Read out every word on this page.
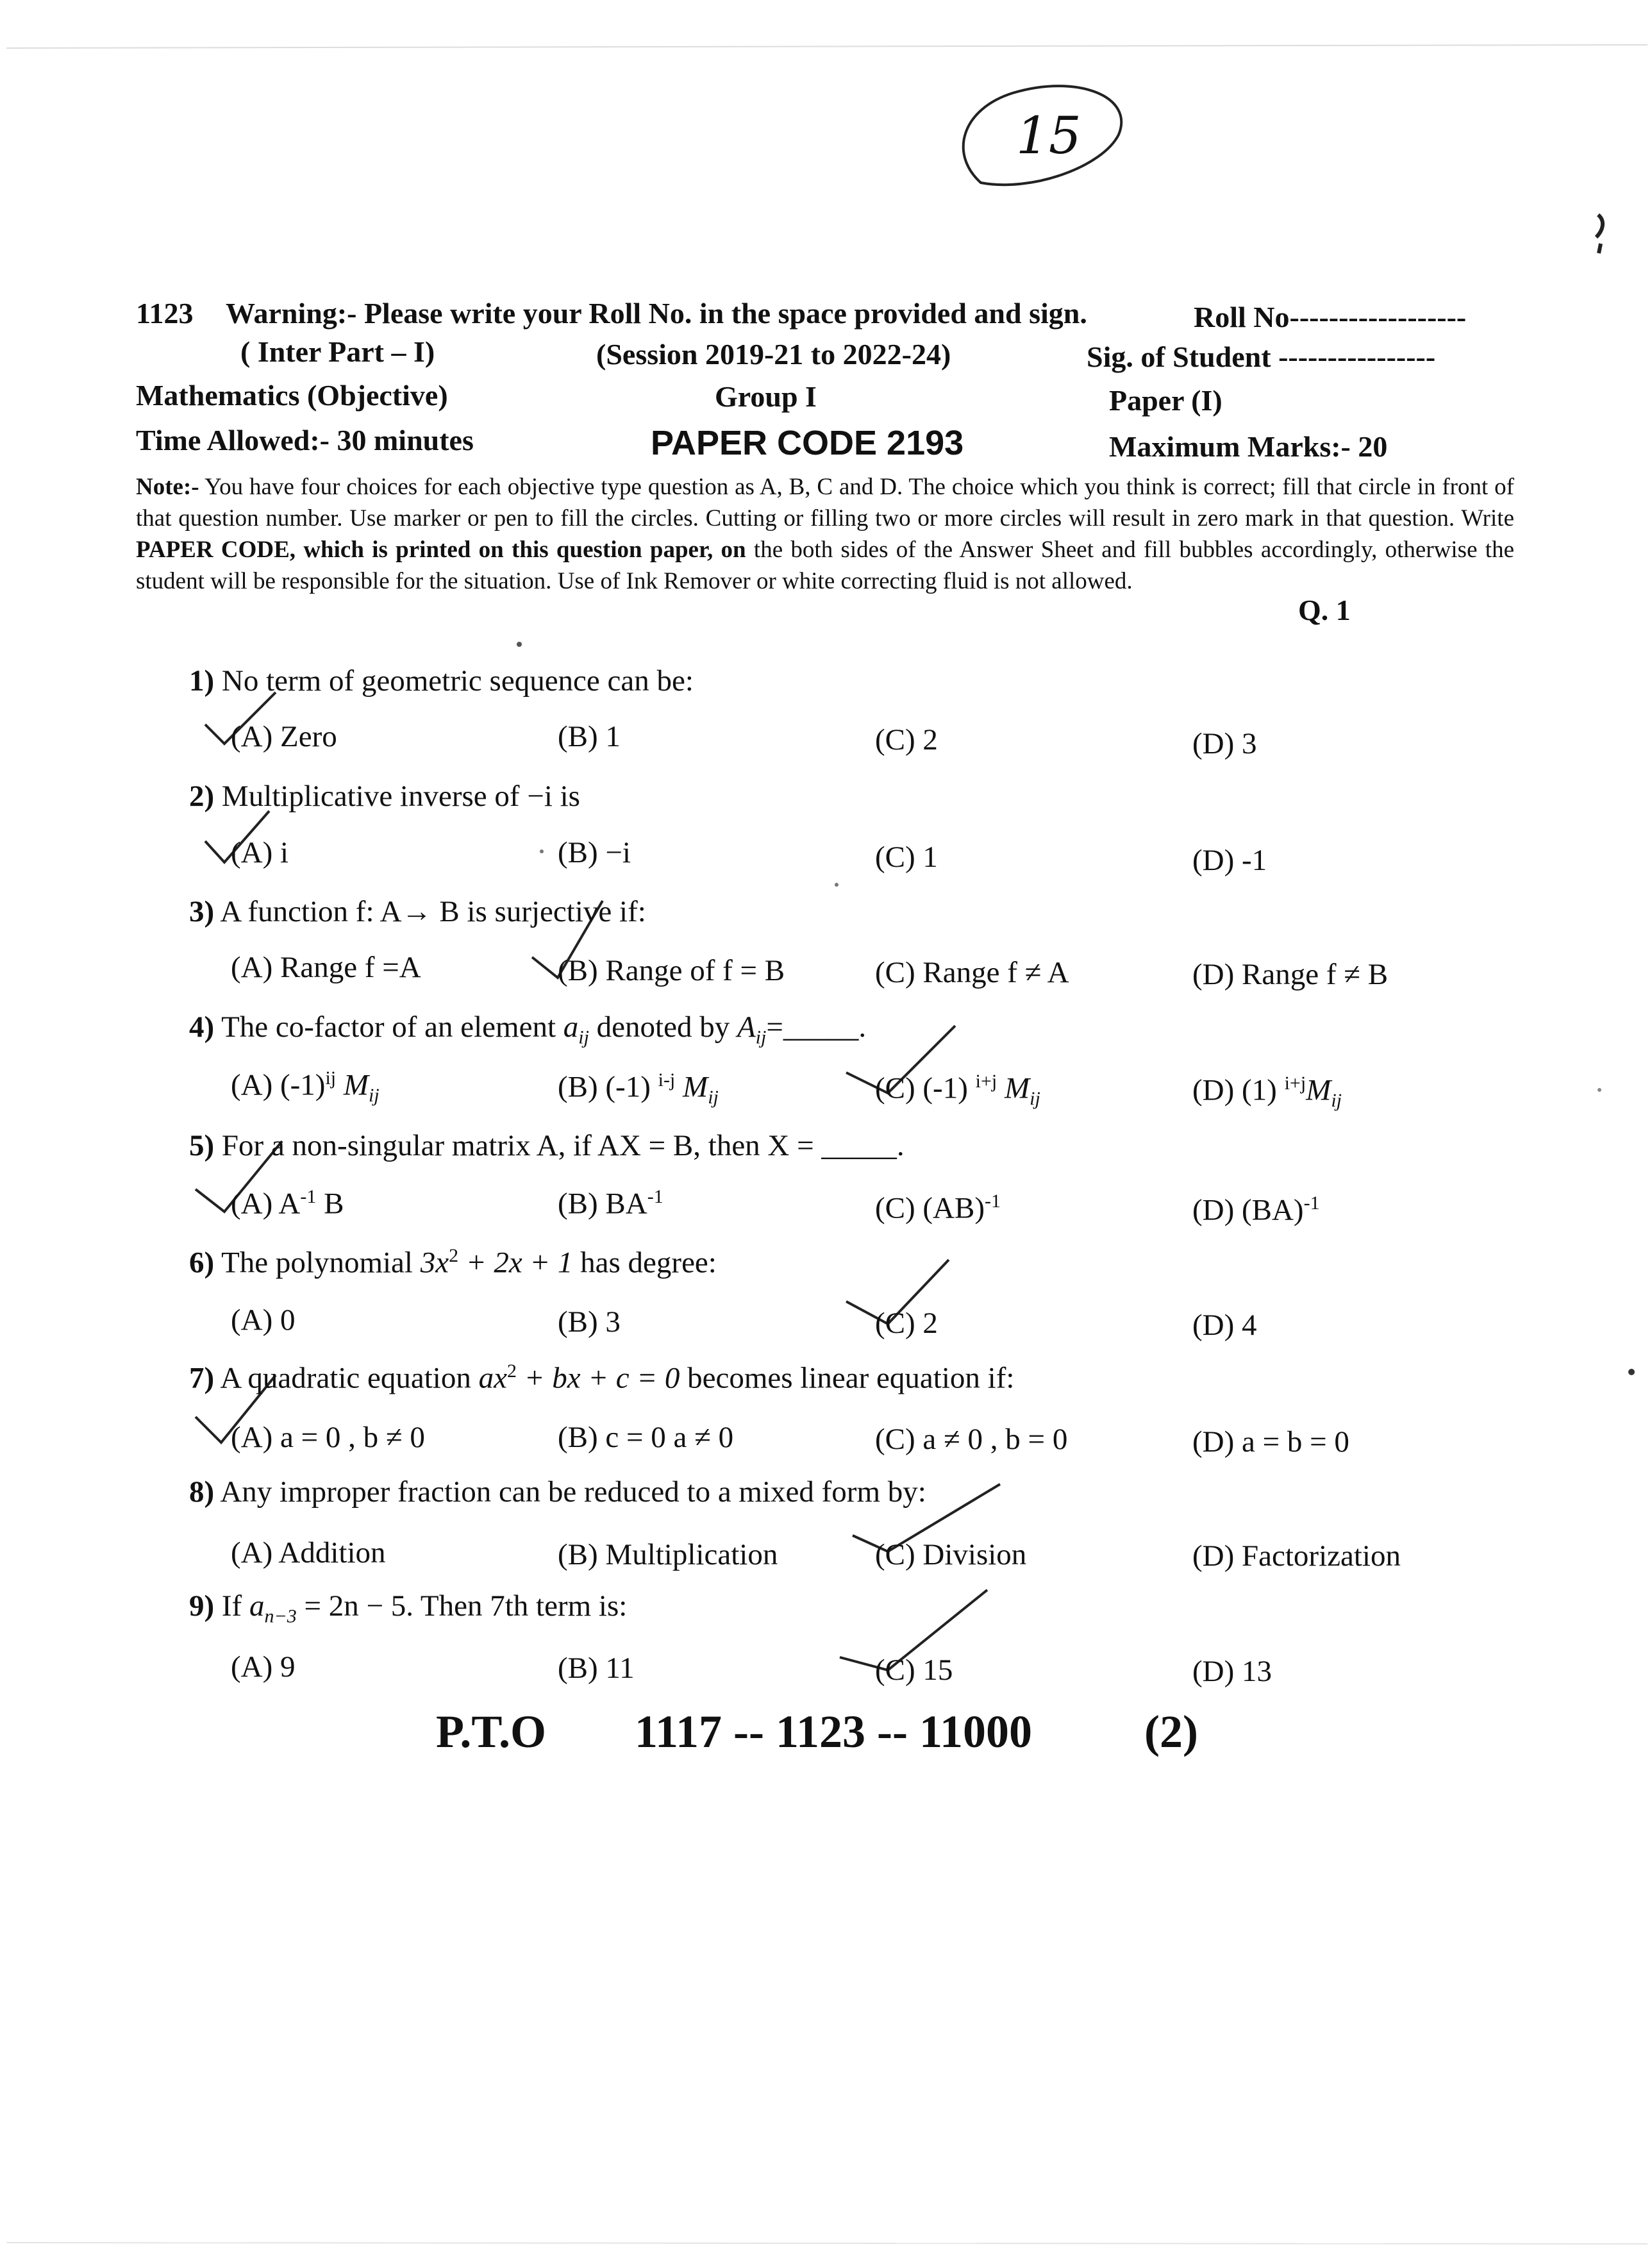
15
1123 Warning:- Please write your Roll No. in the space provided and sign.	Roll No------------------
( Inter Part – I)	(Session 2019-21 to 2022-24)	Sig. of Student ----------------
Mathematics (Objective)	Group I	Paper (I)
Time Allowed:- 30 minutes	PAPER CODE 2193	Maximum Marks:- 20
Note:- You have four choices for each objective type question as A, B, C and D. The choice which you think is correct; fill that circle in front of that question number. Use marker or pen to fill the circles. Cutting or filling two or more circles will result in zero mark in that question. Write PAPER CODE, which is printed on this question paper, on the both sides of the Answer Sheet and fill bubbles accordingly, otherwise the student will be responsible for the situation. Use of Ink Remover or white correcting fluid is not allowed.
Q. 1
1) No term of geometric sequence can be:
(A) Zero	(B) 1	(C) 2	(D) 3
2) Multiplicative inverse of −i is
(A) i	(B) −i	(C) 1	(D) -1
3) A function f: A→ B is surjective if:
(A) Range f =A	(B) Range of f = B	(C) Range f ≠ A	(D) Range f ≠ B
4) The co-factor of an element $a_{ij}$ denoted by $A_{ij}=\_\_\_\_\_$.
(A) $(-1)^{ij}$ $M_{ij}$	(B) (-1) $^{i-j}$ $M_{ij}$	(C) (-1) $^{i+j}$ $M_{ij}$	(D) (1) $^{i+j}M_{ij}$
5) For a non-singular matrix A, if AX = B, then X = _____.
(A) $A^{-1}$ B	(B) $BA^{-1}$	(C) (AB)$^{-1}$	(D) (BA)$^{-1}$
6) The polynomial $3x^2 + 2x + 1$ has degree:
(A) 0	(B) 3	(C) 2	(D) 4
7) A quadratic equation $ax^2$ + bx + c = 0 becomes linear equation if:
(A) a = 0 , b ≠ 0	(B) c = 0 a ≠ 0	(C) a ≠ 0 , b = 0	(D) a = b = 0
8) Any improper fraction can be reduced to a mixed form by:
(A) Addition	(B) Multiplication	(C) Division	(D) Factorization
9) If $a_{n-3} = 2n - 5$. Then 7th term is:
(A) 9	(B) 11	(C) 15	(D) 13
P.T.O 1117 -- 1123 -- 11000 (2)
